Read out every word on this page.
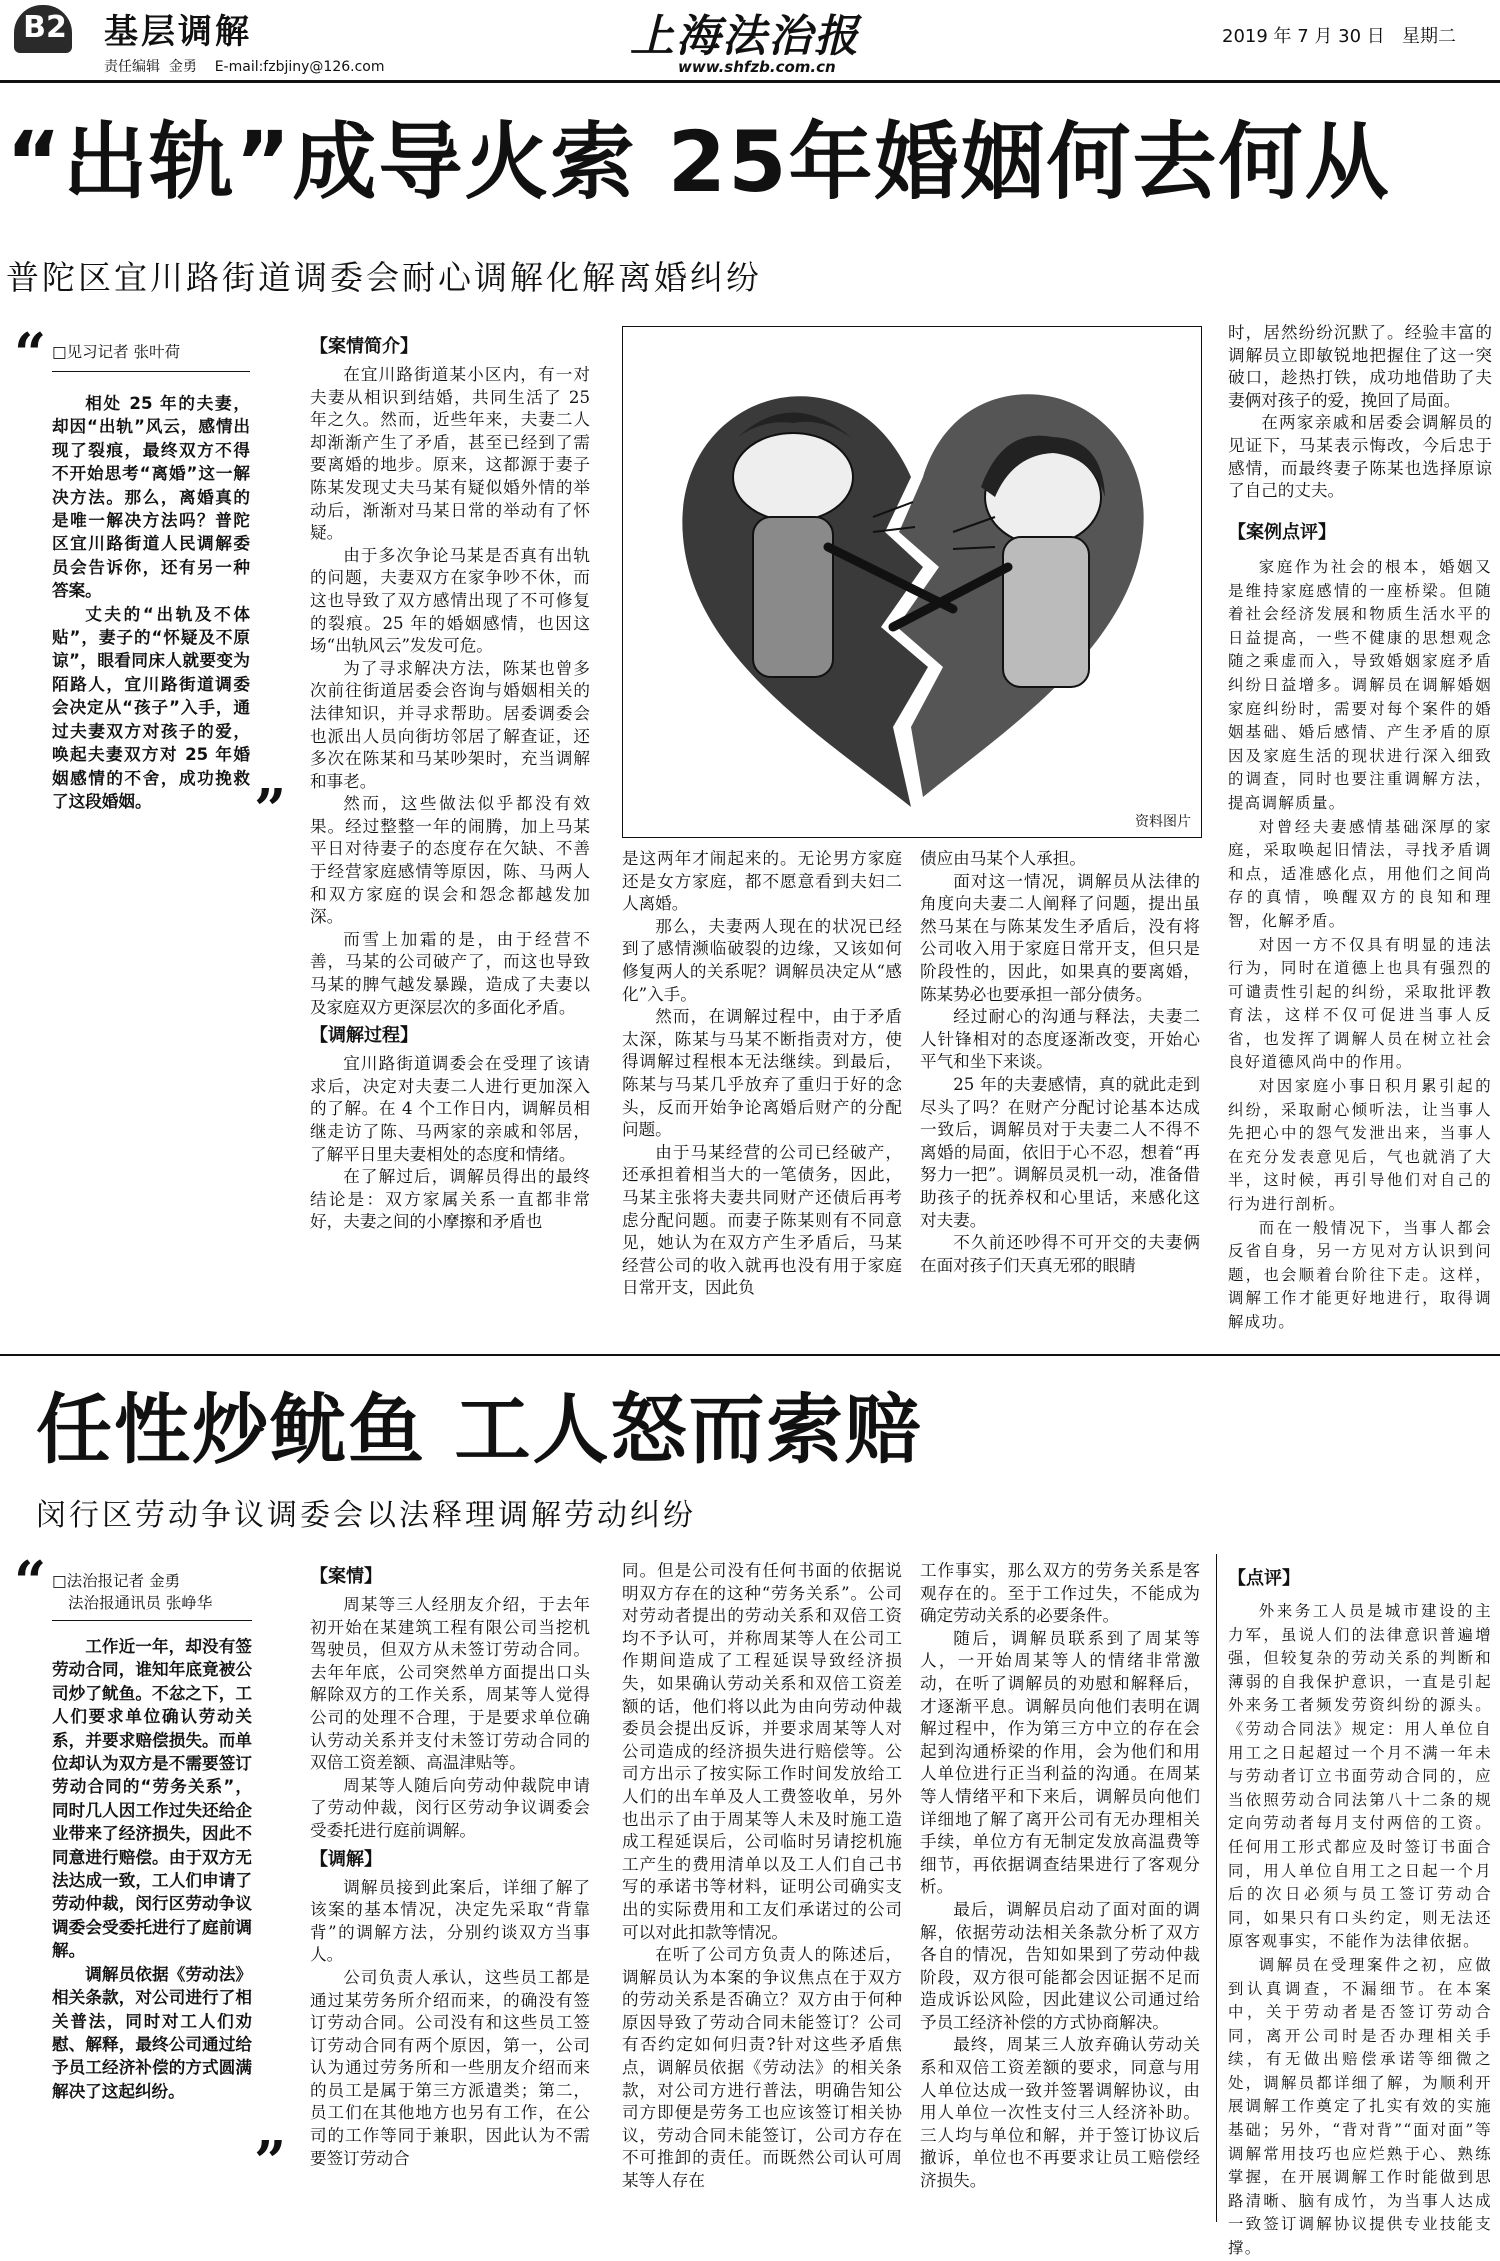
B2 基层调解
责任编辑  金勇    E-mail:fzbjiny@126.com
上海法治报
www.shfzb.com.cn
2019 年 7 月 30 日   星期二
“出轨”成导火索 25年婚姻何去何从
普陀区宜川路街道调委会耐心调解化解离婚纠纷
“ □见习记者 张叶荷

相处 25 年的夫妻，却因“出轨”风云，感情出现了裂痕，最终双方不得不开始思考“离婚”这一解决方法。那么，离婚真的是唯一解决方法吗？普陀区宜川路街道人民调解委员会告诉你，还有另一种答案。

丈夫的“出轨及不体贴”，妻子的“怀疑及不原谅”，眼看同床人就要变为陌路人，宜川路街道调委会决定从“孩子”入手，通过夫妻双方对孩子的爱，唤起夫妻双方对 25 年婚姻感情的不舍，成功挽救了这段婚姻。	”
【案情简介】

在宜川路街道某小区内，有一对夫妻从相识到结婚，共同生活了 25 年之久。然而，近些年来，夫妻二人却渐渐产生了矛盾，甚至已经到了需要离婚的地步。原来，这都源于妻子陈某发现丈夫马某有疑似婚外情的举动后，渐渐对马某日常的举动有了怀疑。

由于多次争论马某是否真有出轨的问题，夫妻双方在家争吵不休，而这也导致了双方感情出现了不可修复的裂痕。25 年的婚姻感情，也因这场“出轨风云”发发可危。

为了寻求解决方法，陈某也曾多次前往街道居委会咨询与婚姻相关的法律知识，并寻求帮助。居委调委会也派出人员向街坊邻居了解查证，还多次在陈某和马某吵架时，充当调解和事老。

然而，这些做法似乎都没有效果。经过整整一年的闹腾，加上马某平日对待妻子的态度存在欠缺、不善于经营家庭感情等原因，陈、马两人和双方家庭的误会和怨念都越发加深。

而雪上加霜的是，由于经营不善，马某的公司破产了，而这也导致马某的脾气越发暴躁，造成了夫妻以及家庭双方更深层次的多面化矛盾。

【调解过程】

宜川路街道调委会在受理了该请求后，决定对夫妻二人进行更加深入的了解。在 4 个工作日内，调解员相继走访了陈、马两家的亲戚和邻居，了解平日里夫妻相处的态度和情绪。

在了解过后，调解员得出的最终结论是：双方家属关系一直都非常好，夫妻之间的小摩擦和矛盾也

资料图片

是这两年才闹起来的。无论男方家庭还是女方家庭，都不愿意看到夫妇二人离婚。

那么，夫妻两人现在的状况已经到了感情濒临破裂的边缘，又该如何修复两人的关系呢？调解员决定从“感化”入手。

然而，在调解过程中，由于矛盾太深，陈某与马某不断指责对方，使得调解过程根本无法继续。到最后，陈某与马某几乎放弃了重归于好的念头，反而开始争论离婚后财产的分配问题。

由于马某经营的公司已经破产，还承担着相当大的一笔债务，因此，马某主张将夫妻共同财产还债后再考虑分配问题。而妻子陈某则有不同意见，她认为在双方产生矛盾后，马某经营公司的收入就再也没有用于家庭日常开支，因此负

债应由马某个人承担。

面对这一情况，调解员从法律的角度向夫妻二人阐释了问题，提出虽然马某在与陈某发生矛盾后，没有将公司收入用于家庭日常开支，但只是阶段性的，因此，如果真的要离婚，陈某势必也要承担一部分债务。

经过耐心的沟通与释法，夫妻二人针锋相对的态度逐渐改变，开始心平气和坐下来谈。

25 年的夫妻感情，真的就此走到尽头了吗？在财产分配讨论基本达成一致后，调解员对于夫妻二人不得不离婚的局面，依旧于心不忍，想着“再努力一把”。调解员灵机一动，准备借助孩子的抚养权和心里话，来感化这对夫妻。

不久前还吵得不可开交的夫妻俩在面对孩子们天真无邪的眼睛

时，居然纷纷沉默了。经验丰富的调解员立即敏锐地把握住了这一突破口，趁热打铁，成功地借助了夫妻俩对孩子的爱，挽回了局面。

在两家亲戚和居委会调解员的见证下，马某表示悔改，今后忠于感情，而最终妻子陈某也选择原谅了自己的丈夫。

【案例点评】

家庭作为社会的根本，婚姻又是维持家庭感情的一座桥梁。但随着社会经济发展和物质生活水平的日益提高，一些不健康的思想观念随之乘虚而入，导致婚姻家庭矛盾纠纷日益增多。调解员在调解婚姻家庭纠纷时，需要对每个案件的婚姻基础、婚后感情、产生矛盾的原因及家庭生活的现状进行深入细致的调查，同时也要注重调解方法，提高调解质量。

对曾经夫妻感情基础深厚的家庭，采取唤起旧情法，寻找矛盾调和点，适准感化点，用他们之间尚存的真情，唤醒双方的良知和理智，化解矛盾。

对因一方不仅具有明显的违法行为，同时在道德上也具有强烈的可谴责性引起的纠纷，采取批评教育法，这样不仅可促进当事人反省，也发挥了调解人员在树立社会良好道德风尚中的作用。

对因家庭小事日积月累引起的纠纷，采取耐心倾听法，让当事人先把心中的怨气发泄出来，当事人在充分发表意见后，气也就消了大半，这时候，再引导他们对自己的行为进行剖析。

而在一般情况下，当事人都会反省自身，另一方见对方认识到问题，也会顺着台阶往下走。这样，调解工作才能更好地进行，取得调解成功。

任性炒鱿鱼 工人怒而索赔
闵行区劳动争议调委会以法释理调解劳动纠纷
“ □法治报记者 金勇
法治报通讯员 张峥华

工作近一年，却没有签劳动合同，谁知年底竟被公司炒了鱿鱼。不忿之下，工人们要求单位确认劳动关系，并要求赔偿损失。而单位却认为双方是不需要签订劳动合同的“劳务关系”，同时几人因工作过失还给企业带来了经济损失，因此不同意进行赔偿。由于双方无法达成一致，工人们申请了劳动仲裁，闵行区劳动争议调委会受委托进行了庭前调解。

调解员依据《劳动法》相关条款，对公司进行了相关普法，同时对工人们劝慰、解释，最终公司通过给予员工经济补偿的方式圆满解决了这起纠纷。

”
【案情】

周某等三人经朋友介绍，于去年初开始在某建筑工程有限公司当挖机驾驶员，但双方从未签订劳动合同。去年年底，公司突然单方面提出口头解除双方的工作关系，周某等人觉得公司的处理不合理，于是要求单位确认劳动关系并支付未签订劳动合同的双倍工资差额、高温津贴等。

周某等人随后向劳动仲裁院申请了劳动仲裁，闵行区劳动争议调委会受委托进行庭前调解。

【调解】

调解员接到此案后，详细了解了该案的基本情况，决定先采取“背靠背”的调解方法，分别约谈双方当事人。

公司负责人承认，这些员工都是通过某劳务所介绍而来，的确没有签订劳动合同。公司没有和这些员工签订劳动合同有两个原因，第一，公司认为通过劳务所和一些朋友介绍而来的员工是属于第三方派遣类；第二，员工们在其他地方也另有工作，在公司的工作等同于兼职，因此认为不需要签订劳动合

同。但是公司没有任何书面的依据说明双方存在的这种“劳务关系”。公司对劳动者提出的劳动关系和双倍工资均不予认可，并称周某等人在公司工作期间造成了工程延误导致经济损失，如果确认劳动关系和双倍工资差额的话，他们将以此为由向劳动仲裁委员会提出反诉，并要求周某等人对公司造成的经济损失进行赔偿等。公司方出示了按实际工作时间发放给工人们的出车单及人工费签收单，另外也出示了由于周某等人未及时施工造成工程延误后，公司临时另请挖机施工产生的费用清单以及工人们自己书写的承诺书等材料，证明公司确实支出的实际费用和工友们承诺过的公司可以对此扣款等情况。

在听了公司方负责人的陈述后，调解员认为本案的争议焦点在于双方的劳动关系是否确立？双方由于何种原因导致了劳动合同未能签订？公司有否约定如何归责?针对这些矛盾焦点，调解员依据《劳动法》的相关条款，对公司方进行普法，明确告知公司方即便是劳务工也应该签订相关协议，劳动合同未能签订，公司方存在不可推卸的责任。而既然公司认可周某等人存在

工作事实，那么双方的劳务关系是客观存在的。至于工作过失，不能成为确定劳动关系的必要条件。

随后，调解员联系到了周某等人，一开始周某等人的情绪非常激动，在听了调解员的劝慰和解释后，才逐渐平息。调解员向他们表明在调解过程中，作为第三方中立的存在会起到沟通桥梁的作用，会为他们和用人单位进行正当利益的沟通。在周某等人情绪平和下来后，调解员向他们详细地了解了离开公司有无办理相关手续，单位方有无制定发放高温费等细节，再依据调查结果进行了客观分析。

最后，调解员启动了面对面的调解，依据劳动法相关条款分析了双方各自的情况，告知如果到了劳动仲裁阶段，双方很可能都会因证据不足而造成诉讼风险，因此建议公司通过给予员工经济补偿的方式协商解决。

最终，周某三人放弃确认劳动关系和双倍工资差额的要求，同意与用人单位达成一致并签署调解协议，由用人单位一次性支付三人经济补助。三人均与单位和解，并于签订协议后撤诉，单位也不再要求让员工赔偿经济损失。

【点评】

外来务工人员是城市建设的主力军，虽说人们的法律意识普遍增强，但较复杂的劳动关系的判断和薄弱的自我保护意识，一直是引起外来务工者频发劳资纠纷的源头。《劳动合同法》规定：用人单位自用工之日起超过一个月不满一年未与劳动者订立书面劳动合同的，应当依照劳动合同法第八十二条的规定向劳动者每月支付两倍的工资。任何用工形式都应及时签订书面合同，用人单位自用工之日起一个月后的次日必须与员工签订劳动合同，如果只有口头约定，则无法还原客观事实，不能作为法律依据。

调解员在受理案件之初，应做到认真调查，不漏细节。在本案中，关于劳动者是否签订劳动合同，离开公司时是否办理相关手续，有无做出赔偿承诺等细微之处，调解员都详细了解，为顺利开展调解工作奠定了扎实有效的实施基础；另外，“背对背”“面对面”等调解常用技巧也应烂熟于心、熟练掌握，在开展调解工作时能做到思路清晰、脑有成竹，为当事人达成一致签订调解协议提供专业技能支撑。
